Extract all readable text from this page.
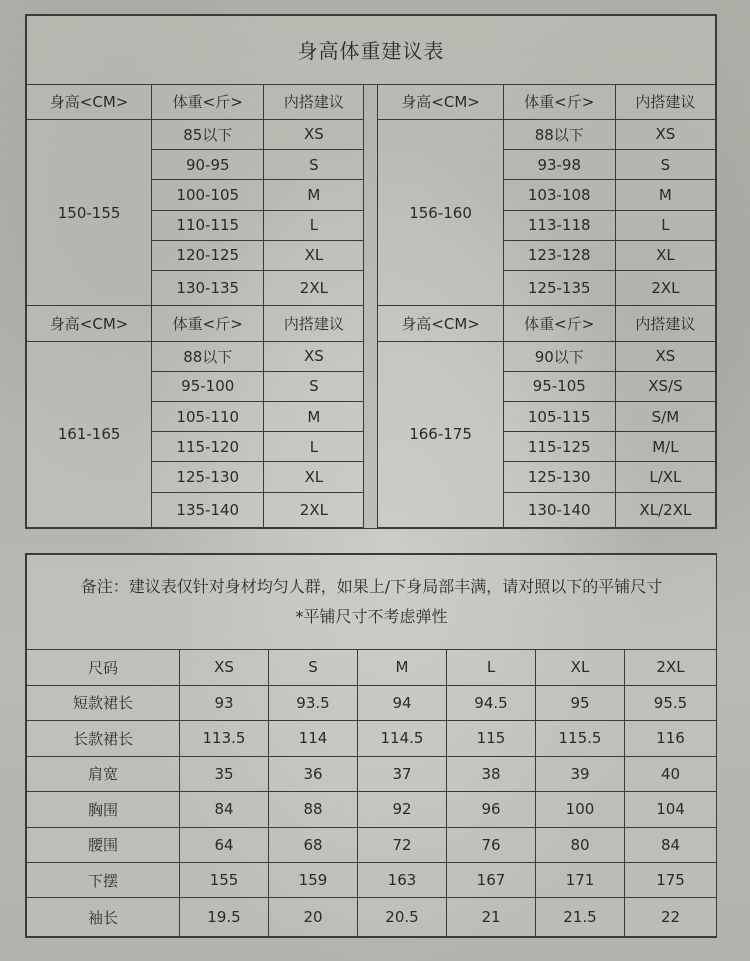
身高体重建议表						
身高<CM>	体重<斤>	内搭建议		身高<CM>	体重<斤>	内搭建议
150-155	85以下	XS		156-160	88以下	XS
	90-95	S			93-98	S
	100-105	M			103-108	M
	110-115	L			113-118	L
	120-125	XL			123-128	XL
	130-135	2XL			125-135	2XL
身高<CM>	体重<斤>	内搭建议		身高<CM>	体重<斤>	内搭建议
161-165	88以下	XS		166-175	90以下	XS
	95-100	S			95-105	XS/S
	105-110	M			105-115	S/M
	115-120	L			115-125	M/L
	125-130	XL			125-130	L/XL
	135-140	2XL			130-140	XL/2XL
备注：建议表仅针对身材均匀人群，如果上/下身局部丰满，请对照以下的平铺尺寸
*平铺尺寸不考虑弹性						

尺码	XS	S	M	L	XL	2XL
短款裙长	93	93.5	94	94.5	95	95.5
长款裙长	113.5	114	114.5	115	115.5	116
肩宽	35	36	37	38	39	40
胸围	84	88	92	96	100	104
腰围	64	68	72	76	80	84
下摆	155	159	163	167	171	175
袖长	19.5	20	20.5	21	21.5	22
